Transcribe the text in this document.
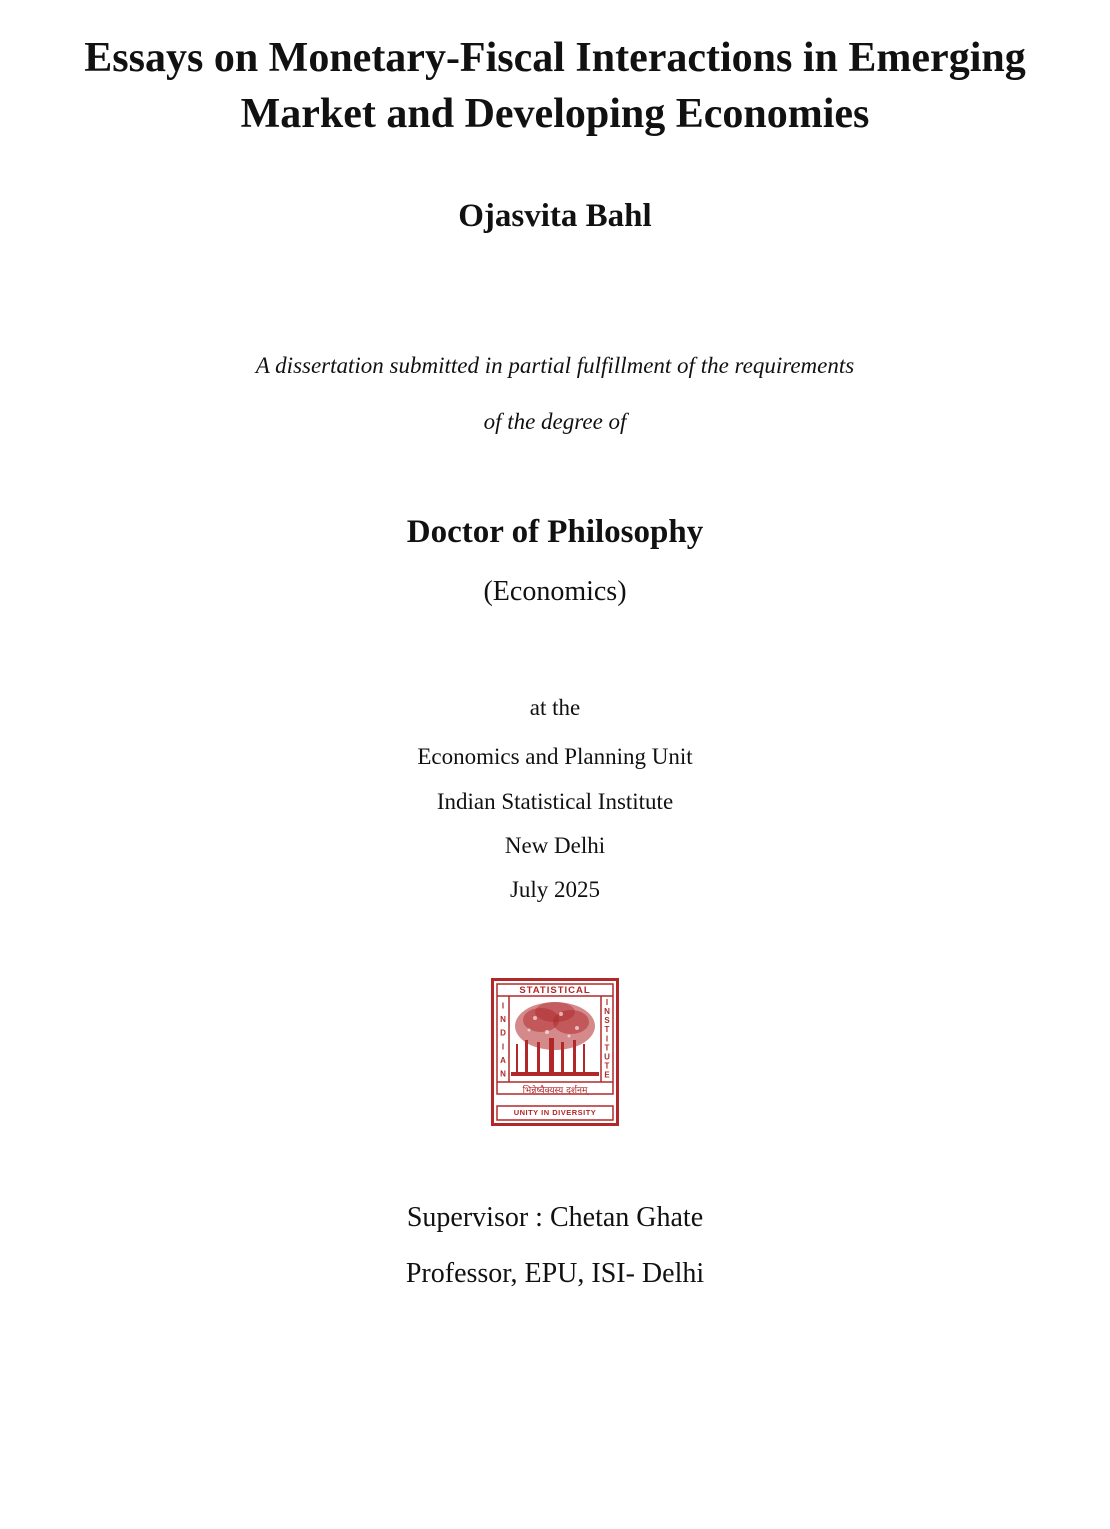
Essays on Monetary-Fiscal Interactions in Emerging
Market and Developing Economies
Ojasvita Bahl
A dissertation submitted in partial fulfillment of the requirements
of the degree of
Doctor of Philosophy
(Economics)
at the
Economics and Planning Unit
Indian Statistical Institute
New Delhi
July 2025
STATISTICAL
UNITY IN DIVERSITY
भिन्नेष्वैक्यस्य दर्शनम्
I
N
D
I
A
N
I
N
S
T
I
T
U
T
E
Supervisor : Chetan Ghate
Professor, EPU, ISI- Delhi
